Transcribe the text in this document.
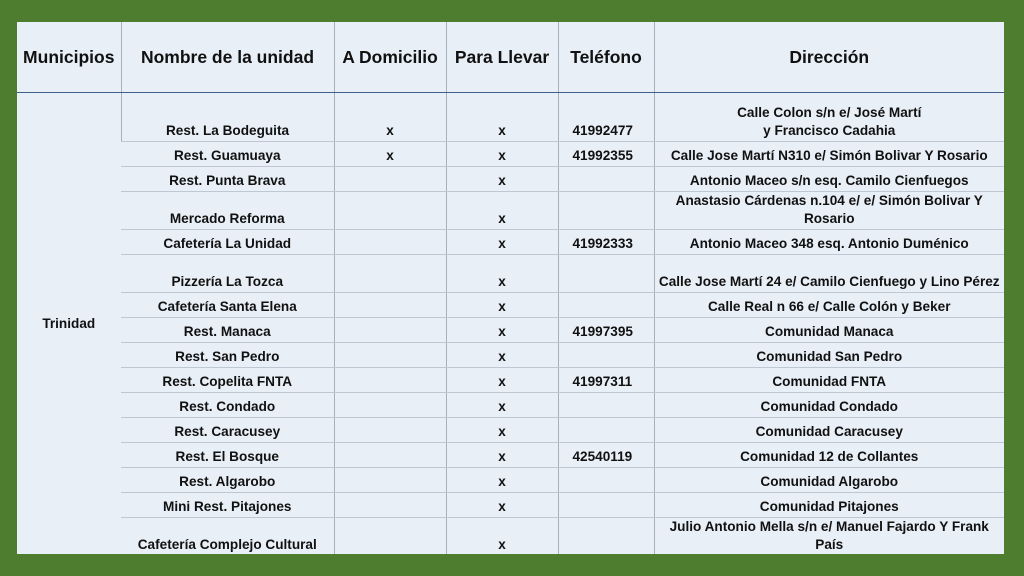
Municipios	Nombre de la unidad	A Domicilio	Para Llevar	Teléfono	Dirección
Trinidad	Rest. La Bodeguita	x	x	41992477	Calle Colon s/n e/ José Martí
y Francisco Cadahia
	Rest. Guamuaya	x	x	41992355	Calle Jose Martí N310 e/ Simón Bolivar Y Rosario
	Rest. Punta Brava		x		Antonio Maceo s/n esq. Camilo Cienfuegos
	Mercado Reforma		x		Anastasio Cárdenas n.104 e/ e/ Simón Bolivar Y Rosario
	Cafetería La Unidad		x	41992333	Antonio Maceo 348 esq. Antonio Duménico
	Pizzería La Tozca		x		Calle Jose Martí 24 e/ Camilo Cienfuego y Lino Pérez
	Cafetería Santa Elena		x		Calle Real n 66 e/ Calle Colón y Beker
	Rest. Manaca		x	41997395	Comunidad Manaca
	Rest. San Pedro		x		Comunidad San Pedro
	Rest. Copelita FNTA		x	41997311	Comunidad FNTA
	Rest. Condado		x		Comunidad Condado
	Rest. Caracusey		x		Comunidad Caracusey
	Rest. El Bosque		x	42540119	Comunidad 12 de Collantes
	Rest. Algarobo		x		Comunidad Algarobo
	Mini Rest. Pitajones		x		Comunidad Pitajones
	Cafetería Complejo Cultural		x		Julio Antonio Mella s/n e/ Manuel Fajardo Y Frank País
